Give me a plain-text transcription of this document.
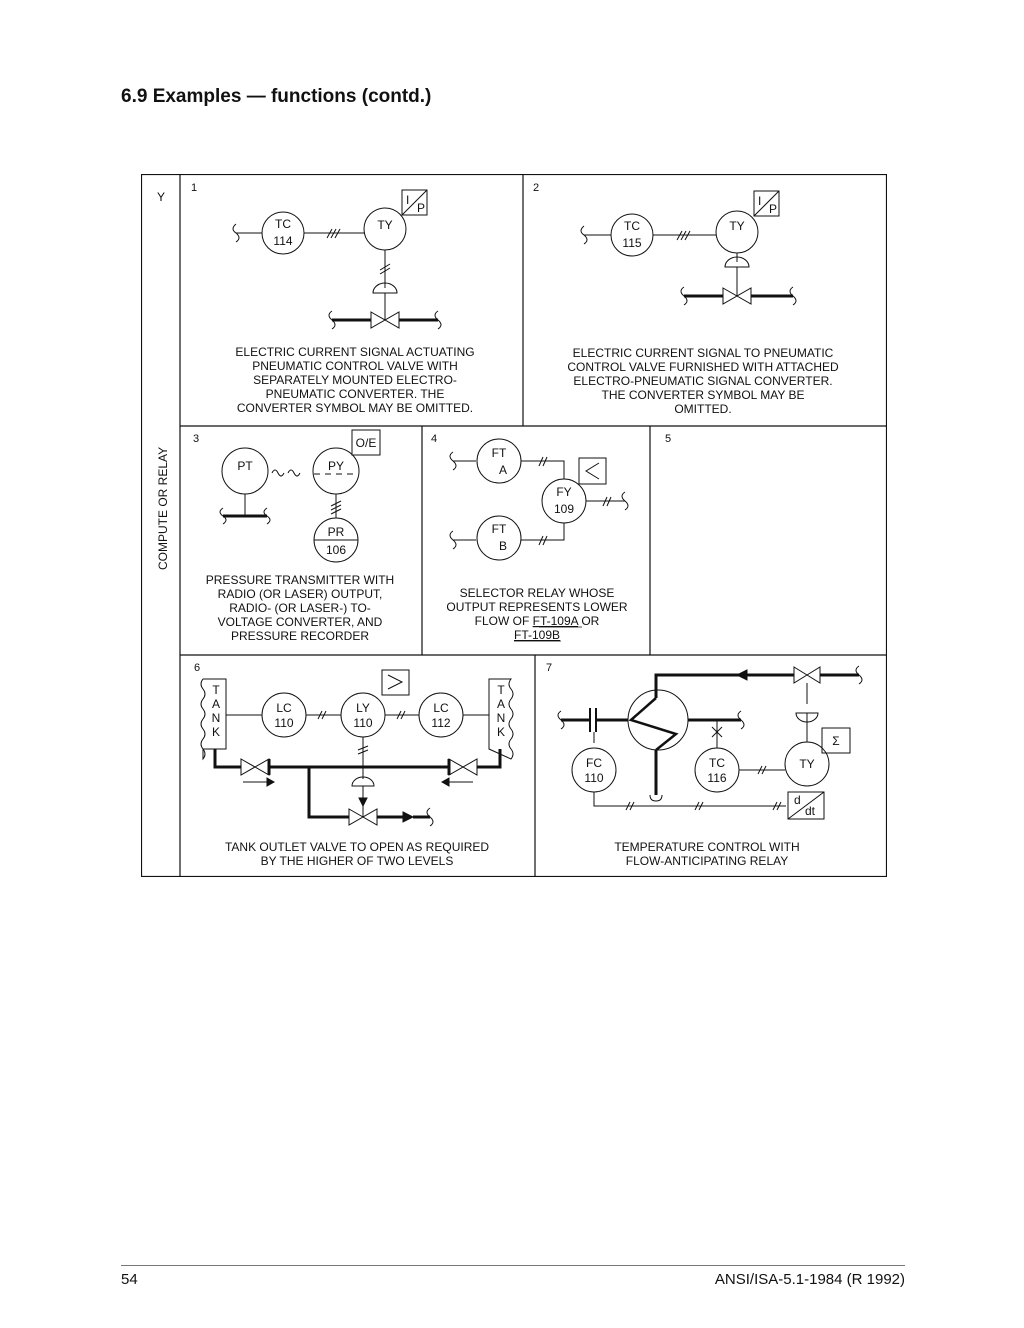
6.9 Examples — functions (contd.)
Y
COMPUTE OR RELAY
1
TC
114
TY
I
P
ELECTRIC CURRENT SIGNAL ACTUATING
PNEUMATIC CONTROL VALVE WITH
SEPARATELY MOUNTED ELECTRO-
PNEUMATIC CONVERTER. THE
CONVERTER SYMBOL MAY BE OMITTED.
2
TC
115
TY
I
P
ELECTRIC CURRENT SIGNAL TO PNEUMATIC
CONTROL VALVE FURNISHED WITH ATTACHED
ELECTRO-PNEUMATIC SIGNAL CONVERTER.
THE CONVERTER SYMBOL MAY BE
OMITTED.
3
PT	PY
O/E
PR
106
PRESSURE TRANSMITTER WITH
RADIO (OR LASER) OUTPUT,
RADIO- (OR LASER-) TO-
VOLTAGE CONVERTER, AND
PRESSURE RECORDER
4
FT
A
FY
109
FT
B
SELECTOR RELAY WHOSE
OUTPUT REPRESENTS LOWER
FLOW OF FT-109A OR
FT-109B
5
6
T
A
N
K
LC
110
LY
110
LC
112
T
A
N
K
TANK OUTLET VALVE TO OPEN AS REQUIRED
BY THE HIGHER OF TWO LEVELS
7
FC
110
TC
116
TY
Σ
d
dt
TEMPERATURE CONTROL WITH
FLOW-ANTICIPATING RELAY
54	ANSI/ISA-5.1-1984 (R 1992)
